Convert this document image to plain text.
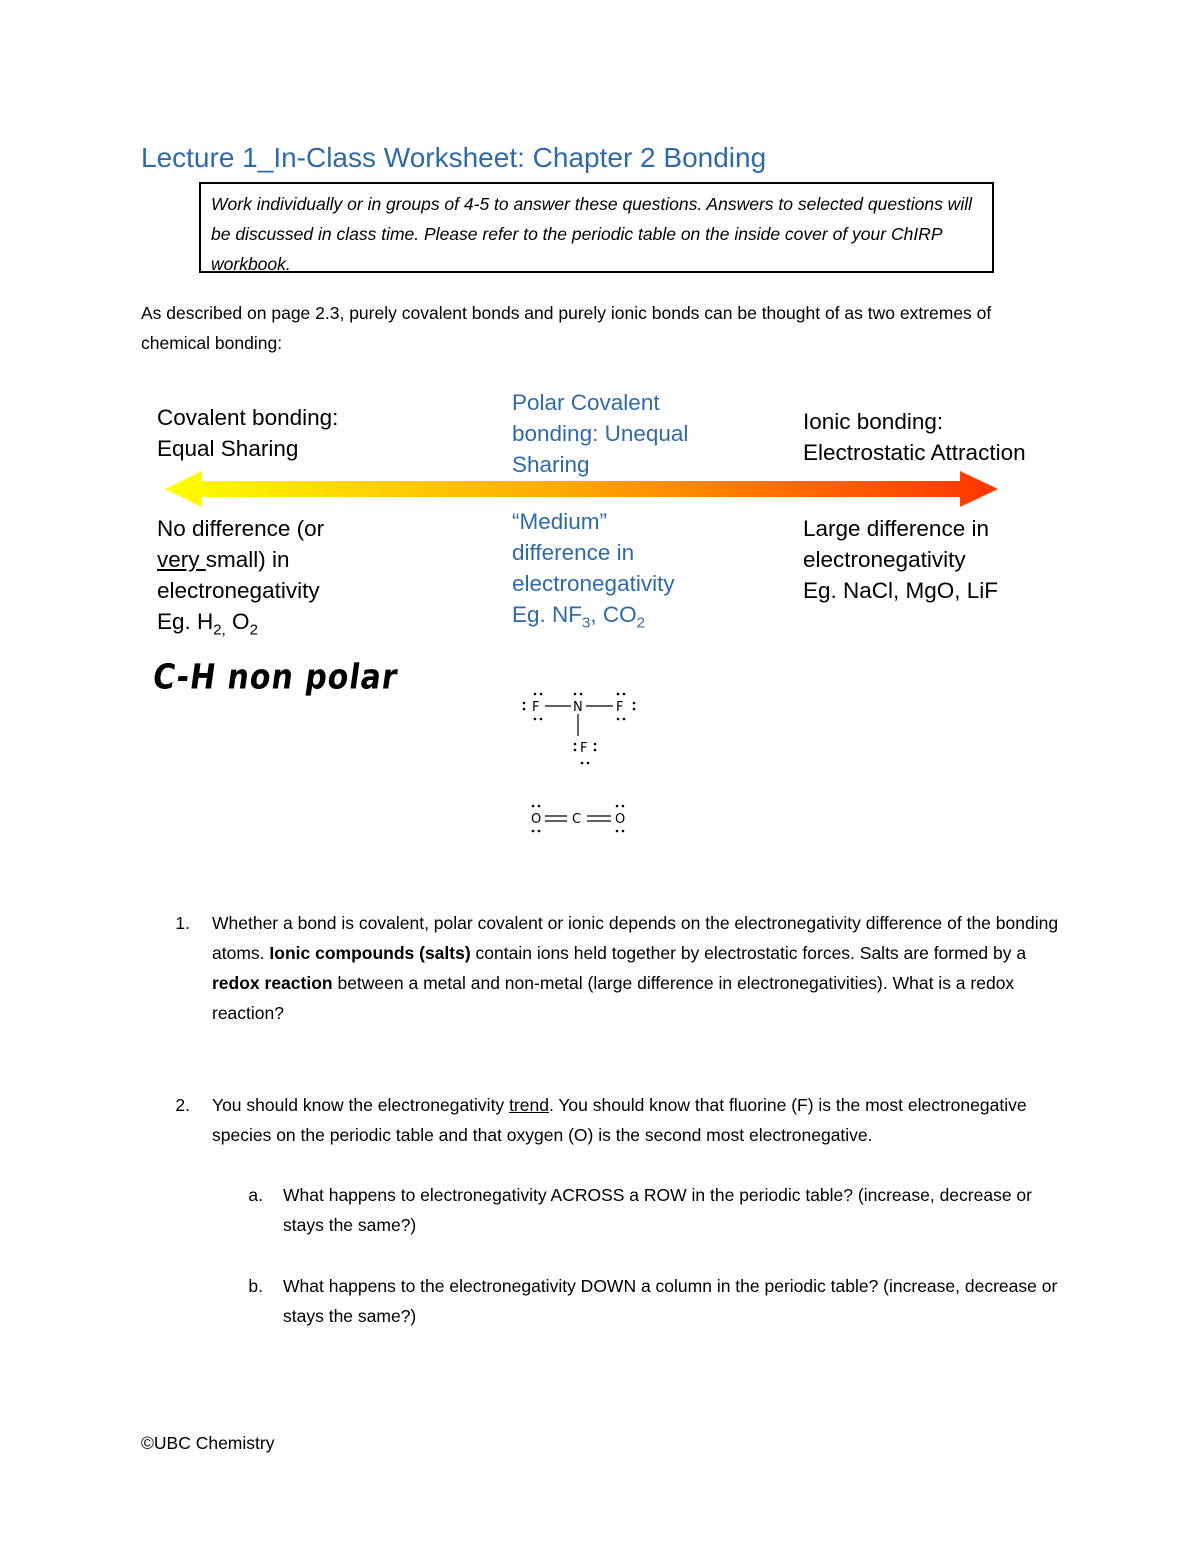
Lecture 1_In-Class Worksheet: Chapter 2 Bonding
Work individually or in groups of 4-5 to answer these questions. Answers to selected questions will be discussed in class time. Please refer to the periodic table on the inside cover of your ChIRP workbook.
As described on page 2.3, purely covalent bonds and purely ionic bonds can be thought of as two extremes of chemical bonding:
Covalent bonding:
Equal Sharing
Polar Covalent
bonding: Unequal
Sharing
Ionic bonding:
Electrostatic Attraction
No difference (or
very small) in
electronegativity
Eg. $H_{2,}$ $O_2$
“Medium”
difference in
electronegativity
Eg. $NF_3$, $CO_2$
Large difference in
electronegativity
Eg. NaCl, MgO, LiF
C-H non polar
F	N	F
F
O C	O
1. Whether a bond is covalent, polar covalent or ionic depends on the electronegativity difference of the bonding atoms. Ionic compounds (salts) contain ions held together by electrostatic forces. Salts are formed by a redox reaction between a metal and non-metal (large difference in electronegativities). What is a redox reaction?
2. You should know the electronegativity trend. You should know that fluorine (F) is the most electronegative species on the periodic table and that oxygen (O) is the second most electronegative.
a. What happens to electronegativity ACROSS a ROW in the periodic table? (increase, decrease or stays the same?)
b. What happens to the electronegativity DOWN a column in the periodic table? (increase, decrease or stays the same?)
©UBC Chemistry
